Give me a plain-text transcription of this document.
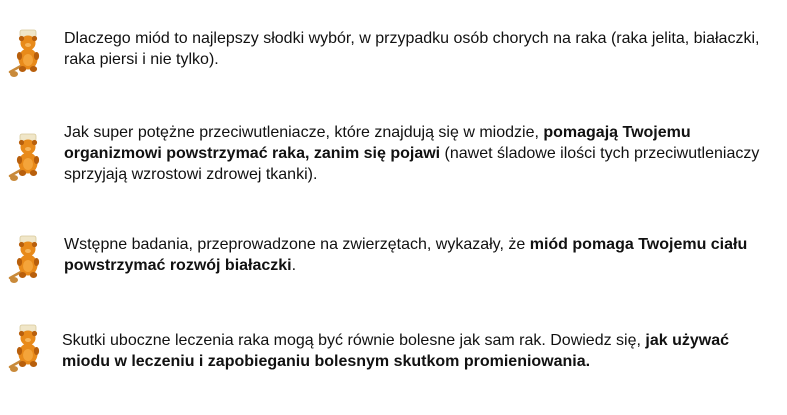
Dlaczego miód to najlepszy słodki wybór, w przypadku osób chorych na raka (raka jelita, białaczki, raka piersi i nie tylko).

Jak super potężne przeciwutleniacze, które znajdują się w miodzie, pomagają Twojemu organizmowi powstrzymać raka, zanim się pojawi (nawet śladowe ilości tych przeciwutleniaczy sprzyjają wzrostowi zdrowej tkanki).

Wstępne badania, przeprowadzone na zwierzętach, wykazały, że miód pomaga Twojemu ciału powstrzymać rozwój białaczki.

Skutki uboczne leczenia raka mogą być równie bolesne jak sam rak. Dowiedz się, jak używać miodu w leczeniu i zapobieganiu bolesnym skutkom promieniowania.
